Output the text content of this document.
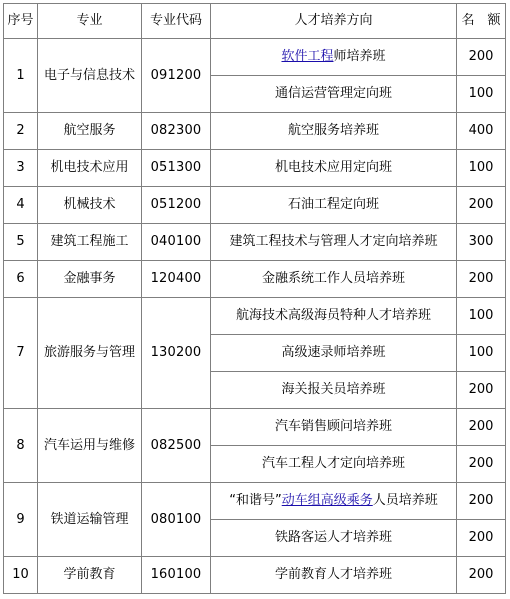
序号	专业	专业代码	人才培养方向	名　额
1	电子与信息技术	091200	软件工程师培养班	200
			通信运营管理定向班	100
2	航空服务	082300	航空服务培养班	400
3	机电技术应用	051300	机电技术应用定向班	100
4	机械技术	051200	石油工程定向班	200
5	建筑工程施工	040100	建筑工程技术与管理人才定向培养班	300
6	金融事务	120400	金融系统工作人员培养班	200
7	旅游服务与管理	130200	航海技术高级海员特种人才培养班	100
			高级速录师培养班	100
			海关报关员培养班	200
8	汽车运用与维修	082500	汽车销售顾问培养班	200
			汽车工程人才定向培养班	200
9	铁道运输管理	080100	“和谐号”动车组高级乘务人员培养班	200
			铁路客运人才培养班	200
10	学前教育	160100	学前教育人才培养班	200
